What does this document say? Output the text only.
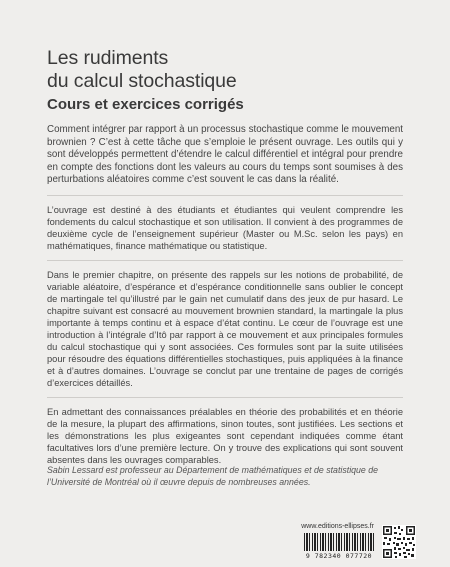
Les rudiments
du calcul stochastique
Cours et exercices corrigés

Comment intégrer par rapport à un processus stochastique comme le mouvement brownien ? C’est à cette tâche que s’emploie le présent ouvrage. Les outils qui y sont développés permettent d’étendre le calcul différentiel et intégral pour prendre en compte des fonctions dont les valeurs au cours du temps sont soumises à des perturbations aléatoires comme c’est souvent le cas dans la réalité.

L’ouvrage est destiné à des étudiants et étudiantes qui veulent comprendre les fondements du calcul stochastique et son utilisation. Il convient à des programmes de deuxième cycle de l’enseignement supérieur (Master ou M.Sc. selon les pays) en mathématiques, finance mathématique ou statistique.

Dans le premier chapitre, on présente des rappels sur les notions de probabilité, de variable aléatoire, d’espérance et d’espérance conditionnelle sans oublier le concept de martingale tel qu’illustré par le gain net cumulatif dans des jeux de pur hasard. Le chapitre suivant est consacré au mouvement brownien standard, la martingale la plus importante à temps continu et à espace d’état continu. Le cœur de l’ouvrage est une introduction à l’intégrale d’Itô par rapport à ce mouvement et aux principales formules du calcul stochastique qui y sont associées. Ces formules sont par la suite utilisées pour résoudre des équations différentielles stochastiques, puis appliquées à la finance et à d’autres domaines. L’ouvrage se conclut par une trentaine de pages de corrigés d’exercices détaillés.

En admettant des connaissances préalables en théorie des probabilités et en théorie de la mesure, la plupart des affirmations, sinon toutes, sont justifiées. Les sections et les démonstrations les plus exigeantes sont cependant indiquées comme étant facultatives lors d’une première lecture. On y trouve des explications qui sont souvent absentes dans les ouvrages comparables.

Sabin Lessard est professeur au Département de mathématiques et de statistique de l’Université de Montréal où il œuvre depuis de nombreuses années.

www.editions-ellipses.fr
9 782340 077720
